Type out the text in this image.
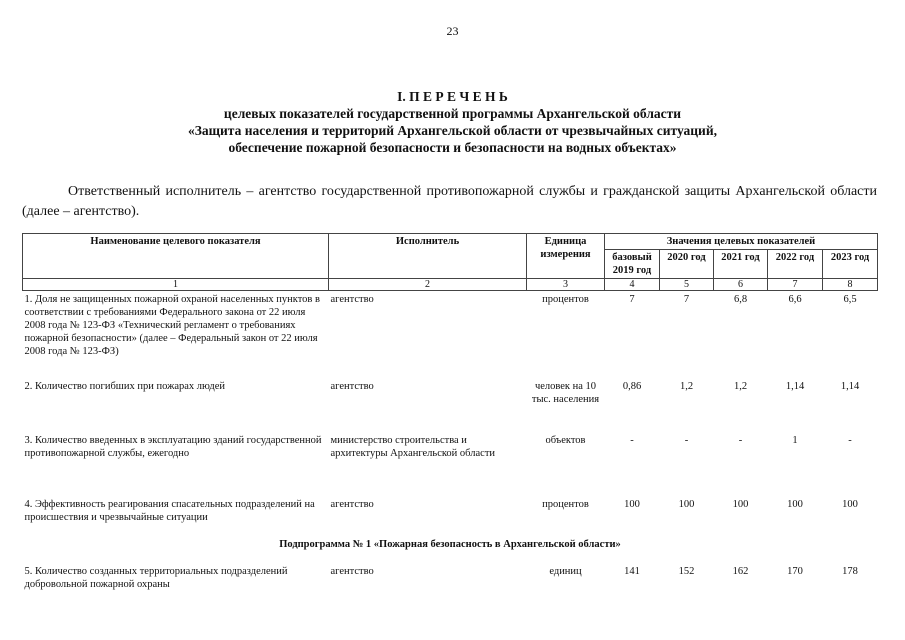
23
I. П Е Р Е Ч Е Н Ь
целевых показателей государственной программы Архангельской области
«Защита населения и территорий Архангельской области от чрезвычайных ситуаций,
обеспечение пожарной безопасности и безопасности на водных объектах»

Ответственный исполнитель – агентство государственной противопожарной службы и гражданской защиты Архангельской области (далее – агентство).

Наименование целевого показателя	Исполнитель	Единица измерения	Значения целевых показателей				
			базовый 2019 год	2020 год	2021 год	2022 год	2023 год
1	2	3	4	5	6	7	8
1. Доля не защищенных пожарной охраной населенных пунктов в соответствии с требованиями Федерального закона от 22 июля 2008 года № 123-ФЗ «Технический регламент о требованиях пожарной безопасности» (далее – Федеральный закон от 22 июля 2008 года № 123-ФЗ)	агентство	процентов	7	7	6,8	6,6	6,5
2. Количество погибших при пожарах людей	агентство	человек на 10 тыс. населения	0,86	1,2	1,2	1,14	1,14
3. Количество введенных в эксплуатацию зданий государственной противопожарной службы, ежегодно	министерство строительства и архитектуры Архангельской области	объектов	-	-	-	1	-
4. Эффективность реагирования спасательных подразделений на происшествия и чрезвычайные ситуации	агентство	процентов	100	100	100	100	100
Подпрограмма № 1 «Пожарная безопасность в Архангельской области»							
5. Количество созданных территориальных подразделений добровольной пожарной охраны	агентство	единиц	141	152	162	170	178
